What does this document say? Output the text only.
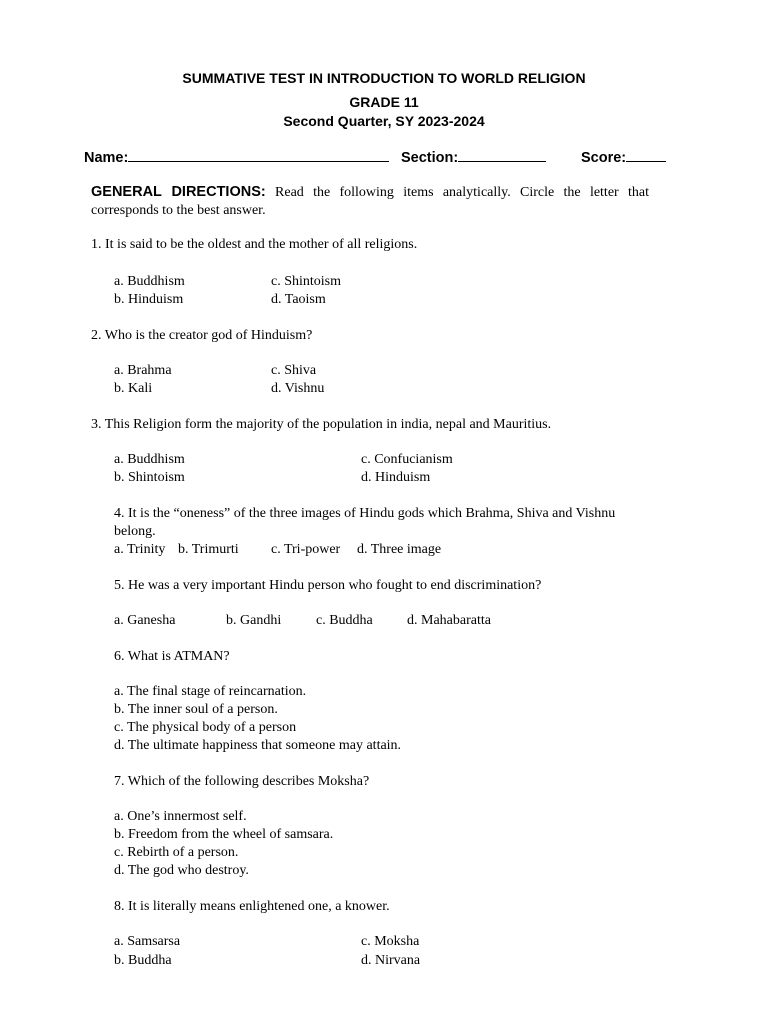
SUMMATIVE TEST IN INTRODUCTION TO WORLD RELIGION
GRADE 11
Second Quarter, SY 2023-2024
Name:	Section:	Score:
GENERAL DIRECTIONS: Read the following items analytically. Circle the letter that corresponds to the best answer.
1. It is said to be the oldest and the mother of all religions.
a. Buddhism
b. Hinduism
c. Shintoism
d. Taoism
2. Who is the creator god of Hinduism?
a. Brahma
b. Kali
c. Shiva
d. Vishnu
3. This Religion form the majority of the population in india, nepal and Mauritius.
a. Buddhism
b. Shintoism
c. Confucianism
d. Hinduism
4. It is the “oneness” of the three images of Hindu gods which Brahma, Shiva and Vishnu
belong.
a. Trinity b. Trimurti c. Tri-power d. Three image
5. He was a very important Hindu person who fought to end discrimination?
a. Ganesha	b. Gandhi c. Buddha d. Mahabaratta
6. What is ATMAN?
a. The final stage of reincarnation.
b. The inner soul of a person.
c. The physical body of a person
d. The ultimate happiness that someone may attain.
7. Which of the following describes Moksha?
a. One’s innermost self.
b. Freedom from the wheel of samsara.
c. Rebirth of a person.
d. The god who destroy.
8. It is literally means enlightened one, a knower.
a. Samsarsa
b. Buddha
c. Moksha
d. Nirvana
